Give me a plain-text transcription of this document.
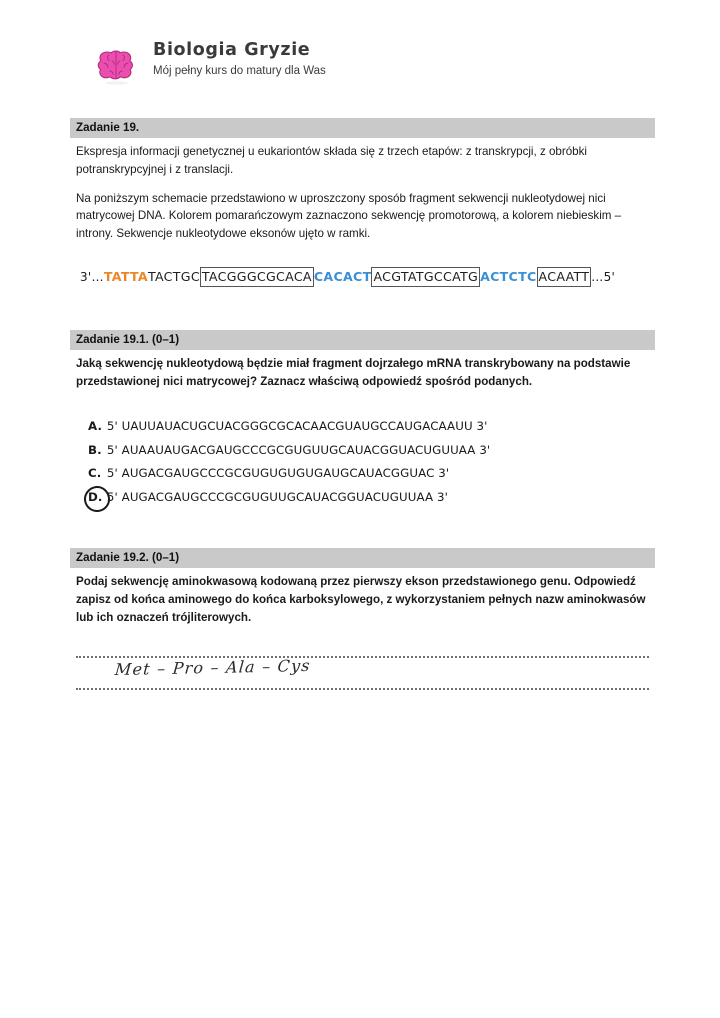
Biologia Gryzie
Mój pełny kurs do matury dla Was
Zadanie 19.

Ekspresja informacji genetycznej u eukariontów składa się z trzech etapów: z transkrypcji, z obróbki potranskrypcyjnej i z translacji.

Na poniższym schemacie przedstawiono w uproszczony sposób fragment sekwencji nukleotydowej nici matrycowej DNA. Kolorem pomarańczowym zaznaczono sekwencję promotorową, a kolorem niebieskim – introny. Sekwencje nukleotydowe eksonów ujęto w ramki.

3'…TATTATACTGC TACGGGCGCACA CACACT ACGTATGCCATG ACTCTC ACAATT …5'
Zadanie 19.1. (0–1)
Jaką sekwencję nukleotydową będzie miał fragment dojrzałego mRNA transkrybowany na podstawie przedstawionej nici matrycowej? Zaznacz właściwą odpowiedź spośród podanych.
A. 5' UAUUAUACUGCUACGGGCGCACAACGUAUGCCAUGACAAUU 3'
B. 5' AUAAUAUGACGAUGCCCGCGUGUUGCAUACGGUACUGUUAA 3'
C. 5' AUGACGAUGCCCGCGUGUGUGUGAUGCAUACGGUAC 3'
D. 5' AUGACGAUGCCCGCGUGUUGCAUACGGUACUGUUAA 3'
Zadanie 19.2. (0–1)
Podaj sekwencję aminokwasową kodowaną przez pierwszy ekson przedstawionego genu. Odpowiedź zapisz od końca aminowego do końca karboksylowego, z wykorzystaniem pełnych nazw aminokwasów lub ich oznaczeń trójliterowych.
Met – Pro – Ala – Cys
